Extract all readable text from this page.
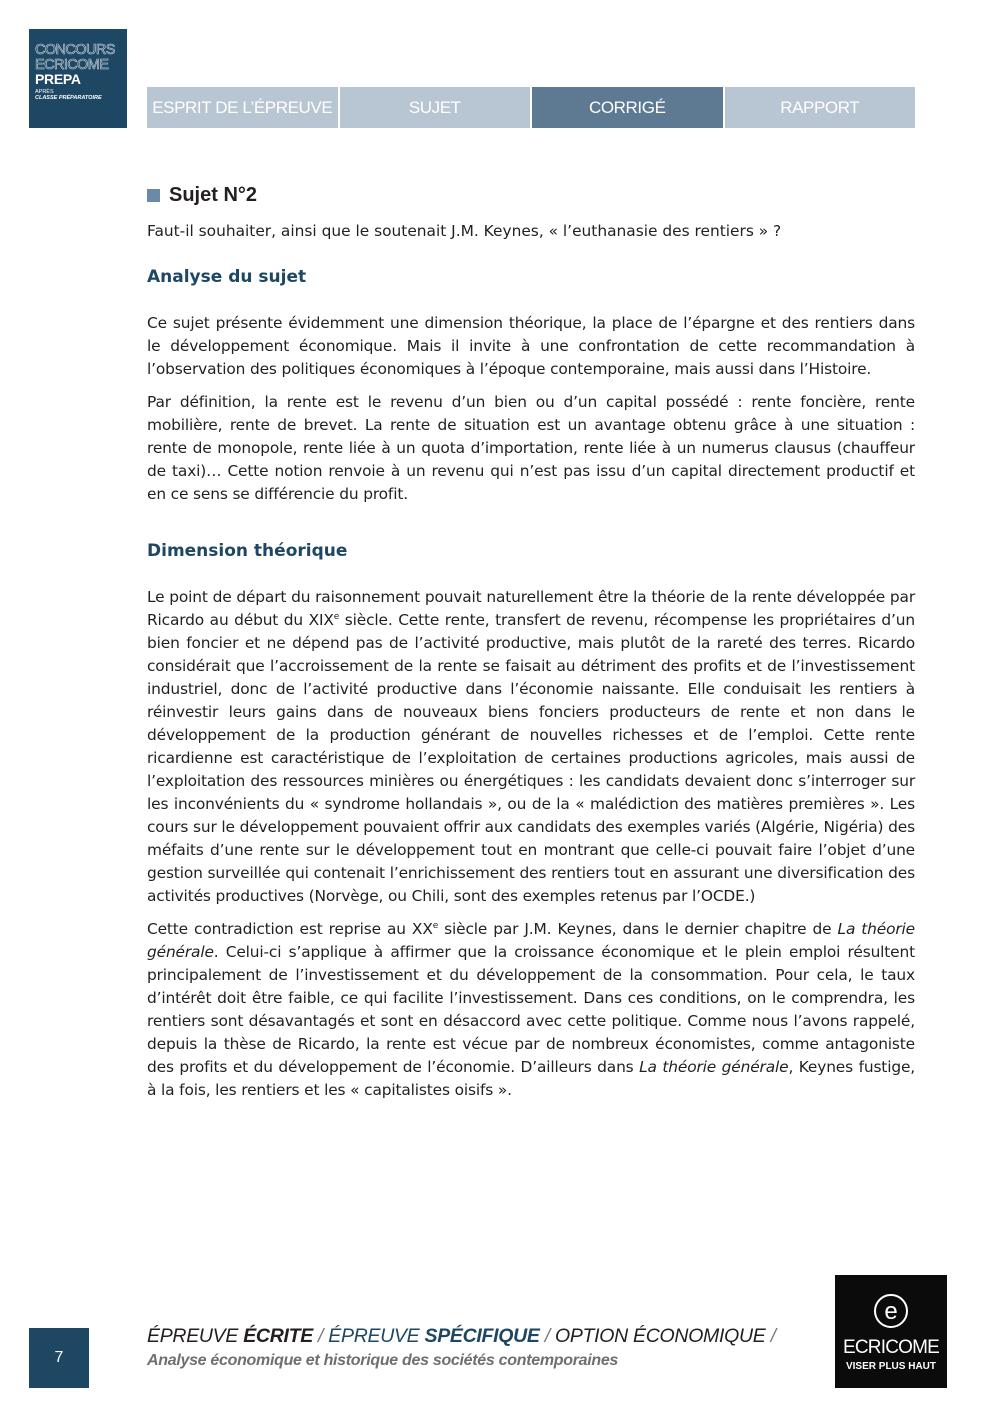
CONCOURS
ECRICOME
PREPA
APRÈS
CLASSE PRÉPARATOIRE	ESPRIT DE L’ÉPREUVE	SUJET	CORRIGÉ	RAPPORT
Sujet N°2
Faut-il souhaiter, ainsi que le soutenait J.M. Keynes, « l’euthanasie des rentiers » ?
Analyse du sujet

Ce sujet présente évidemment une dimension théorique, la place de l’épargne et des rentiers dans le développement économique. Mais il invite à une confrontation de cette recommandation à l’observation des politiques économiques à l’époque contemporaine, mais aussi dans l’Histoire.

Par définition, la rente est le revenu d’un bien ou d’un capital possédé : rente foncière, rente mobilière, rente de brevet. La rente de situation est un avantage obtenu grâce à une situation : rente de monopole, rente liée à un quota d’importation, rente liée à un numerus clausus (chauffeur de taxi)… Cette notion renvoie à un revenu qui n’est pas issu d’un capital directement productif et en ce sens se différencie du profit.

Dimension théorique

Le point de départ du raisonnement pouvait naturellement être la théorie de la rente développée par Ricardo au début du XIXe siècle. Cette rente, transfert de revenu, récompense les propriétaires d’un bien foncier et ne dépend pas de l’activité productive, mais plutôt de la rareté des terres. Ricardo considérait que l’accroissement de la rente se faisait au détriment des profits et de l’investissement industriel, donc de l’activité productive dans l’économie naissante. Elle conduisait les rentiers à réinvestir leurs gains dans de nouveaux biens fonciers producteurs de rente et non dans le développement de la production générant de nouvelles richesses et de l’emploi. Cette rente ricardienne est caractéristique de l’exploitation de certaines productions agricoles, mais aussi de l’exploitation des ressources minières ou énergétiques : les candidats devaient donc s’interroger sur les inconvénients du « syndrome hollandais », ou de la « malédiction des matières premières ». Les cours sur le développement pouvaient offrir aux candidats des exemples variés (Algérie, Nigéria) des méfaits d’une rente sur le développement tout en montrant que celle-ci pouvait faire l’objet d’une gestion surveillée qui contenait l’enrichissement des rentiers tout en assurant une diversification des activités productives (Norvège, ou Chili, sont des exemples retenus par l’OCDE.)

Cette contradiction est reprise au XXe siècle par J.M. Keynes, dans le dernier chapitre de La théorie générale. Celui-ci s’applique à affirmer que la croissance économique et le plein emploi résultent principalement de l’investissement et du développement de la consommation. Pour cela, le taux d’intérêt doit être faible, ce qui facilite l’investissement. Dans ces conditions, on le comprendra, les rentiers sont désavantagés et sont en désaccord avec cette politique. Comme nous l’avons rappelé, depuis la thèse de Ricardo, la rente est vécue par de nombreux économistes, comme antagoniste des profits et du développement de l’économie. D’ailleurs dans La théorie générale, Keynes fustige, à la fois, les rentiers et les « capitalistes oisifs ».

7
ÉPREUVE ÉCRITE / ÉPREUVE SPÉCIFIQUE / OPTION ÉCONOMIQUE /
Analyse économique et historique des sociétés contemporaines
e
ECRICOME
VISER PLUS HAUT
